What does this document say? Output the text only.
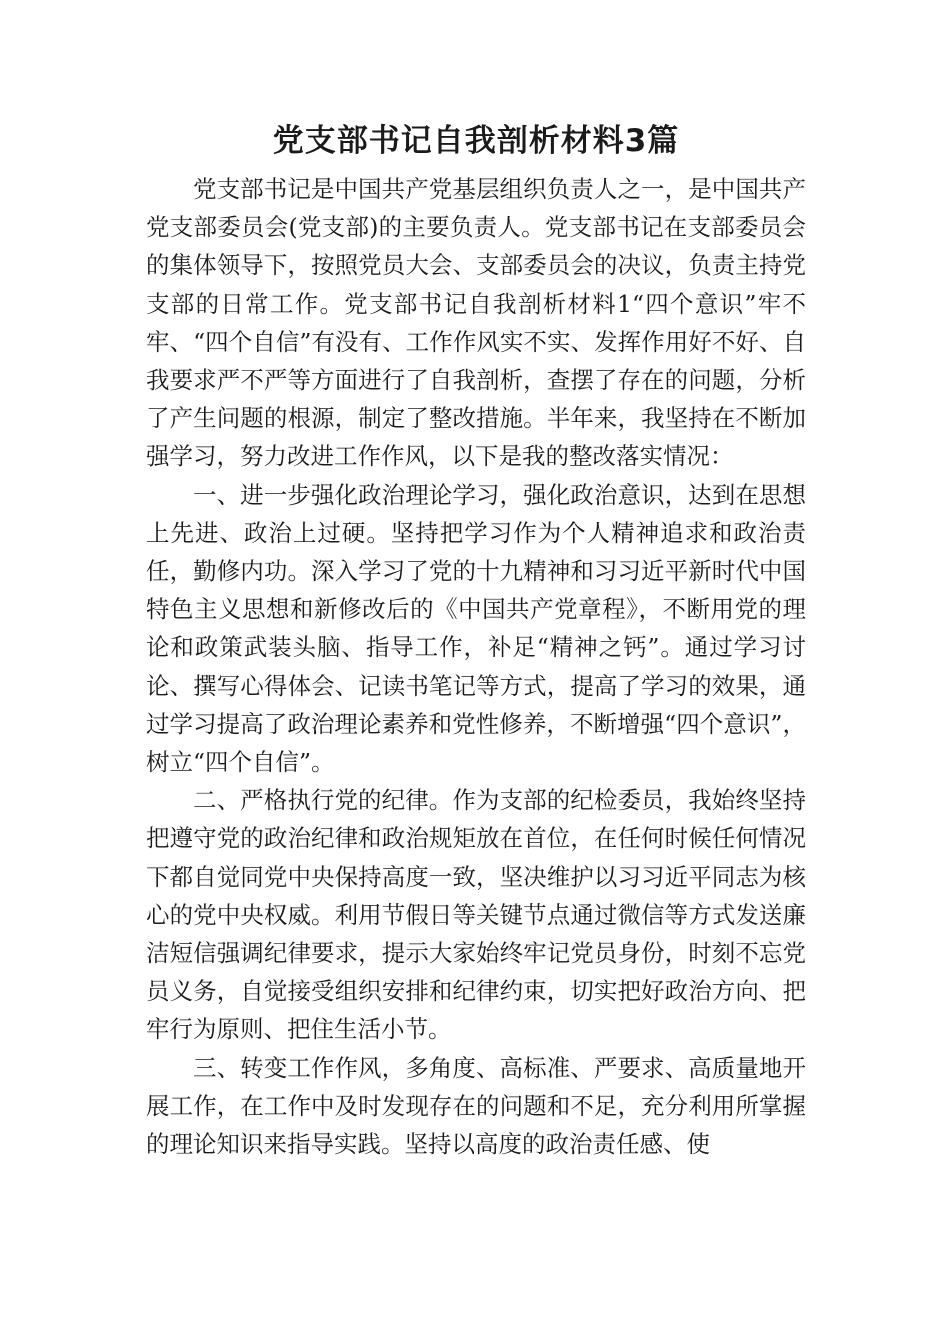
党支部书记自我剖析材料3篇

党支部书记是中国共产党基层组织负责人之一，是中国共产党支部委员会(党支部)的主要负责人。党支部书记在支部委员会的集体领导下，按照党员大会、支部委员会的决议，负责主持党支部的日常工作。党支部书记自我剖析材料1“四个意识”牢不牢、“四个自信”有没有、工作作风实不实、发挥作用好不好、自我要求严不严等方面进行了自我剖析，查摆了存在的问题，分析了产生问题的根源，制定了整改措施。半年来，我坚持在不断加强学习，努力改进工作作风，以下是我的整改落实情况：

一、进一步强化政治理论学习，强化政治意识，达到在思想上先进、政治上过硬。坚持把学习作为个人精神追求和政治责任，勤修内功。深入学习了党的十九精神和习习近平新时代中国特色主义思想和新修改后的《中国共产党章程》，不断用党的理论和政策武装头脑、指导工作，补足“精神之钙”。通过学习讨论、撰写心得体会、记读书笔记等方式，提高了学习的效果，通过学习提高了政治理论素养和党性修养，不断增强“四个意识”，树立“四个自信”。

二、严格执行党的纪律。作为支部的纪检委员，我始终坚持把遵守党的政治纪律和政治规矩放在首位，在任何时候任何情况下都自觉同党中央保持高度一致，坚决维护以习习近平同志为核心的党中央权威。利用节假日等关键节点通过微信等方式发送廉洁短信强调纪律要求，提示大家始终牢记党员身份，时刻不忘党员义务，自觉接受组织安排和纪律约束，切实把好政治方向、把牢行为原则、把住生活小节。

三、转变工作作风，多角度、高标准、严要求、高质量地开展工作，在工作中及时发现存在的问题和不足，充分利用所掌握的理论知识来指导实践。坚持以高度的政治责任感、使
